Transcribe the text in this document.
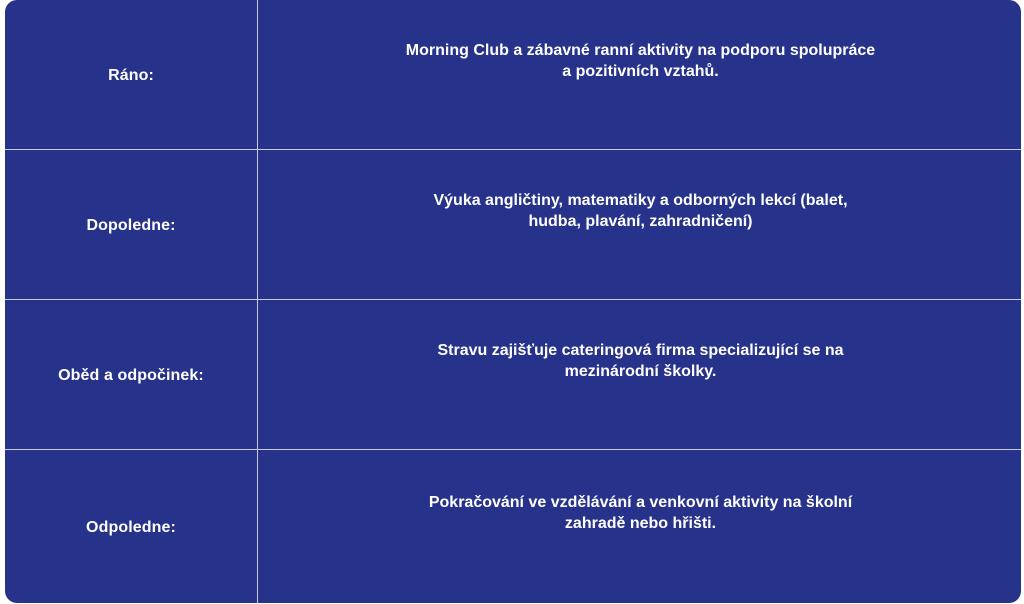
Ráno:
Morning Club a zábavné ranní aktivity na podporu spolupráce a pozitivních vztahů.
Dopoledne:
Výuka angličtiny, matematiky a odborných lekcí (balet, hudba, plavání, zahradničení)
Oběd a odpočinek:
Stravu zajišťuje cateringová firma specializující se na mezinárodní školky.
Odpoledne:
Pokračování ve vzdělávání a venkovní aktivity na školní zahradě nebo hřišti.
